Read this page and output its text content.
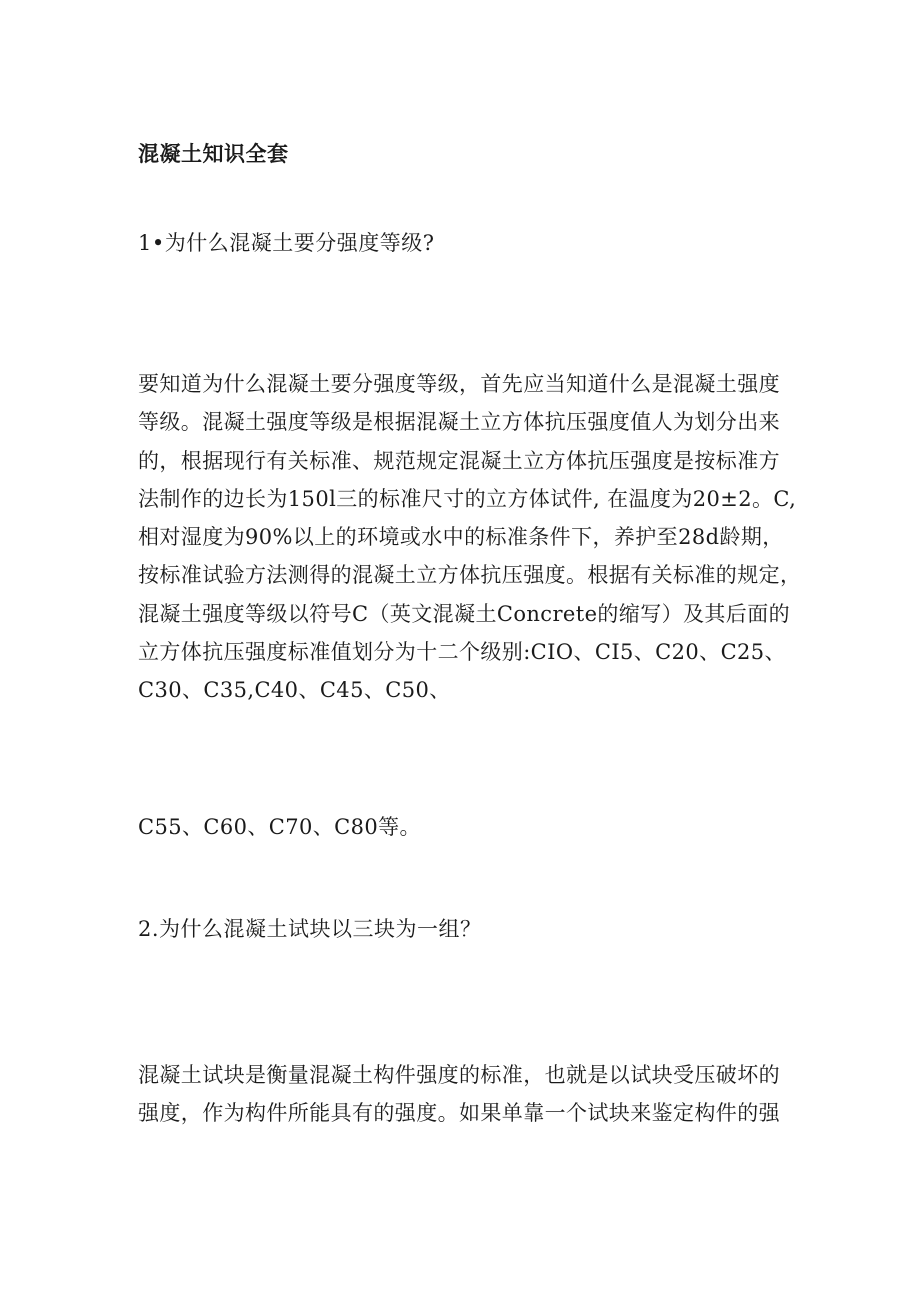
混凝土知识全套
1•为什么混凝土要分强度等级?
要知道为什么混凝土要分强度等级，首先应当知道什么是混凝土强度
等级。混凝土强度等级是根据混凝土立方体抗压强度值人为划分出来
的，根据现行有关标准、规范规定混凝土立方体抗压强度是按标准方
法制作的边长为150l三的标准尺寸的立方体试件, 在温度为20±2。C,
相对湿度为90%以上的环境或水中的标准条件下，养护至28d龄期，
按标准试验方法测得的混凝土立方体抗压强度。根据有关标准的规定，
混凝土强度等级以符号C（英文混凝土Concrete的缩写）及其后面的
立方体抗压强度标准值划分为十二个级别:CIO、CI5、C20、C25、
C30、C35,C40、C45、C50、
C55、C60、C70、C80等。
2.为什么混凝土试块以三块为一组？
混凝土试块是衡量混凝土构件强度的标准，也就是以试块受压破坏的
强度，作为构件所能具有的强度。如果单靠一个试块来鉴定构件的强
